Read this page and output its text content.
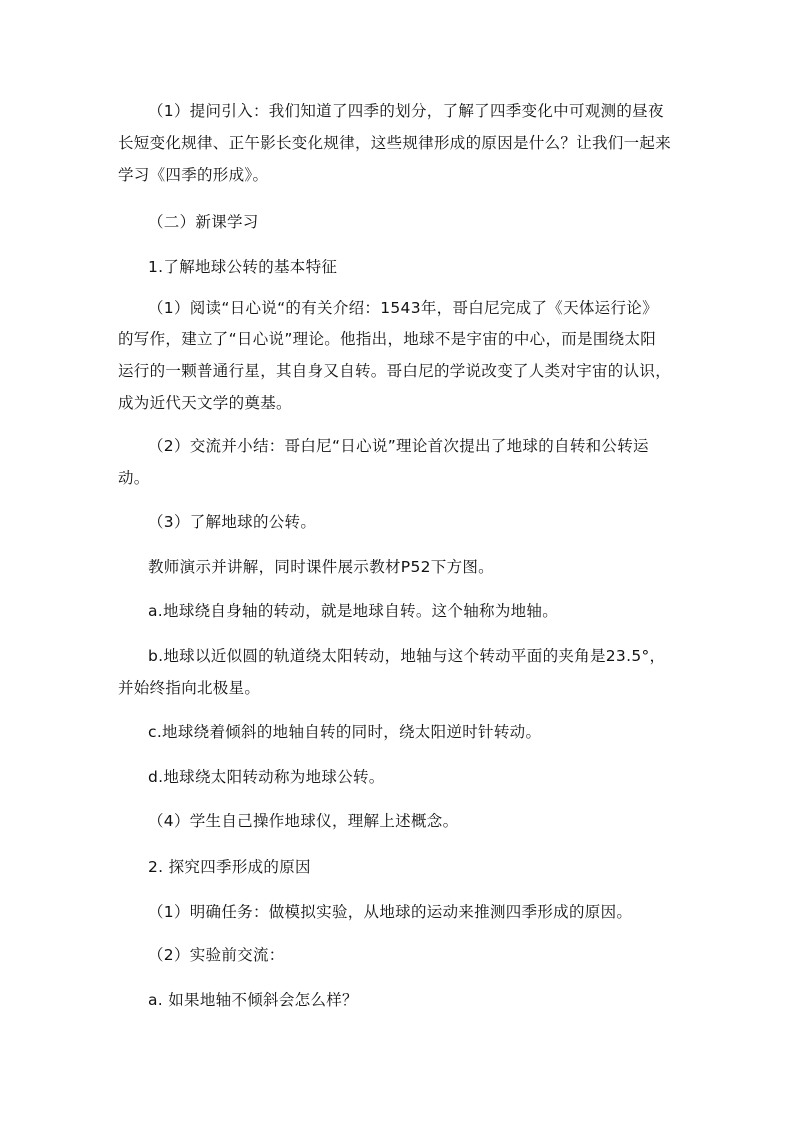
（1）提问引入：我们知道了四季的划分，了解了四季变化中可观测的昼夜
长短变化规律、正午影长变化规律，这些规律形成的原因是什么？让我们一起来
学习《四季的形成》。
（二）新课学习
1.了解地球公转的基本特征
（1）阅读“日心说“的有关介绍：1543年，哥白尼完成了《天体运行论》
的写作，建立了“日心说”理论。他指出，地球不是宇宙的中心，而是围绕太阳
运行的一颗普通行星，其自身又自转。哥白尼的学说改变了人类对宇宙的认识，
成为近代天文学的奠基。
（2）交流并小结：哥白尼“日心说”理论首次提出了地球的自转和公转运
动。
（3）了解地球的公转。
教师演示并讲解，同时课件展示教材P52下方图。
a.地球绕自身轴的转动，就是地球自转。这个轴称为地轴。
b.地球以近似圆的轨道绕太阳转动，地轴与这个转动平面的夹角是23.5°，
并始终指向北极星。
c.地球绕着倾斜的地轴自转的同时，绕太阳逆时针转动。
d.地球绕太阳转动称为地球公转。
（4）学生自己操作地球仪，理解上述概念。
2. 探究四季形成的原因
（1）明确任务：做模拟实验，从地球的运动来推测四季形成的原因。
（2）实验前交流：
a. 如果地轴不倾斜会怎么样？
